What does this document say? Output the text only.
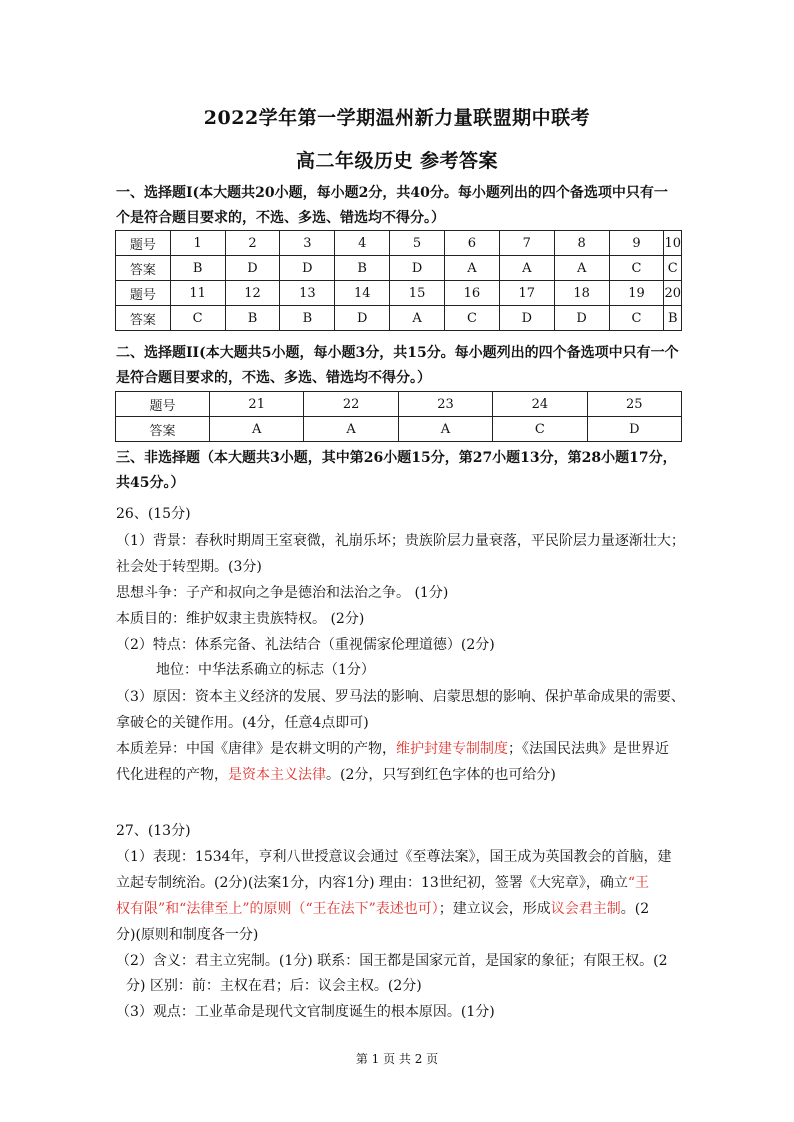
2022学年第一学期温州新力量联盟期中联考
高二年级历史 参考答案
一、选择题I(本大题共20小题，每小题2分，共40分。每小题列出的四个备选项中只有一
个是符合题目要求的，不选、多选、错选均不得分。）
题号	1	2	3	4	5	6	7	8	9	10
答案	B	D	D	B	D	A	A	A	C	C
题号	11	12	13	14	15	16	17	18	19	20
答案	C	B	B	D	A	C	D	D	C	B
二、选择题II(本大题共5小题，每小题3分，共15分。每小题列出的四个备选项中只有一个
是符合题目要求的，不选、多选、错选均不得分。）
题号	21	22	23	24	25
答案	A	A	A	C	D
三、非选择题（本大题共3小题，其中第26小题15分，第27小题13分，第28小题17分，
共45分。）
26、(15分)
（1）背景：春秋时期周王室衰微，礼崩乐坏；贵族阶层力量衰落，平民阶层力量逐渐壮大；
社会处于转型期。(3分)
思想斗争：子产和叔向之争是德治和法治之争。 (1分)
本质目的：维护奴隶主贵族特权。 (2分)
（2）特点：体系完备、礼法结合（重视儒家伦理道德）(2分)
地位：中华法系确立的标志（1分）
（3）原因：资本主义经济的发展、罗马法的影响、启蒙思想的影响、保护革命成果的需要、
拿破仑的关键作用。(4分，任意4点即可)
本质差异：中国《唐律》是农耕文明的产物，维护封建专制制度；《法国民法典》是世界近
代化进程的产物，是资本主义法律。(2分，只写到红色字体的也可给分)
27、(13分)
（1）表现：1534年，亨利八世授意议会通过《至尊法案》，国王成为英国教会的首脑，建
立起专制统治。(2分)(法案1分，内容1分) 理由：13世纪初，签署《大宪章》，确立“王
权有限”和“法律至上”的原则（“王在法下”表述也可）；建立议会，形成议会君主制。(2
分)(原则和制度各一分)
（2）含义：君主立宪制。(1分) 联系：国王都是国家元首，是国家的象征；有限王权。(2
分) 区别：前：主权在君；后：议会主权。(2分)
（3）观点：工业革命是现代文官制度诞生的根本原因。(1分)
第 1 页 共 2 页
